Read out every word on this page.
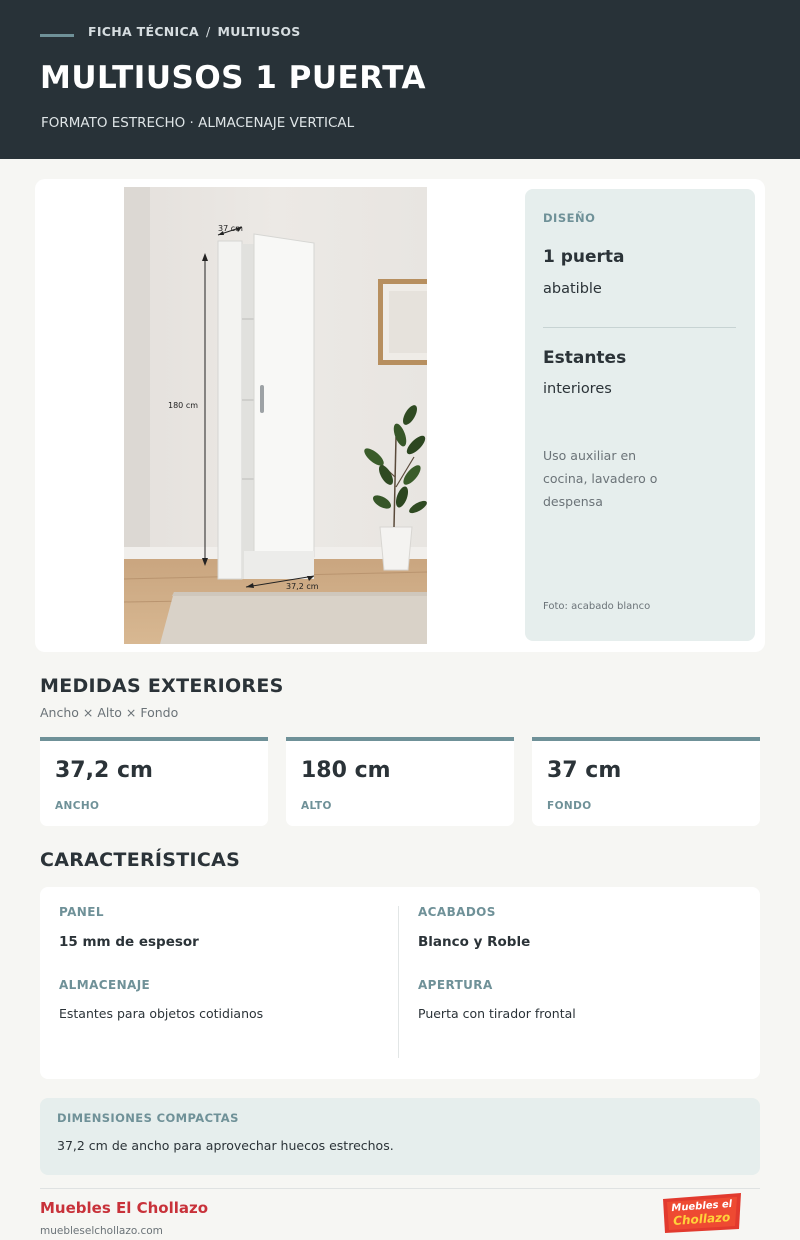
FICHA TÉCNICA / MULTIUSOS
MULTIUSOS 1 PUERTA
FORMATO ESTRECHO · ALMACENAJE VERTICAL
37 cm
180 cm
37,2 cm
DISEÑO
1 puerta
abatible
Estantes
interiores
Uso auxiliar en cocina, lavadero o despensa
Foto: acabado blanco
MEDIDAS EXTERIORES
Ancho × Alto × Fondo
37,2 cm
ANCHO
180 cm
ALTO
37 cm
FONDO
CARACTERÍSTICAS
PANEL
15 mm de espesor
ALMACENAJE
Estantes para objetos cotidianos
ACABADOS
Blanco y Roble
APERTURA
Puerta con tirador frontal
DIMENSIONES COMPACTAS
37,2 cm de ancho para aprovechar huecos estrechos.
Muebles El Chollazo
muebleselchollazo.com
Muebles el
Chollazo
